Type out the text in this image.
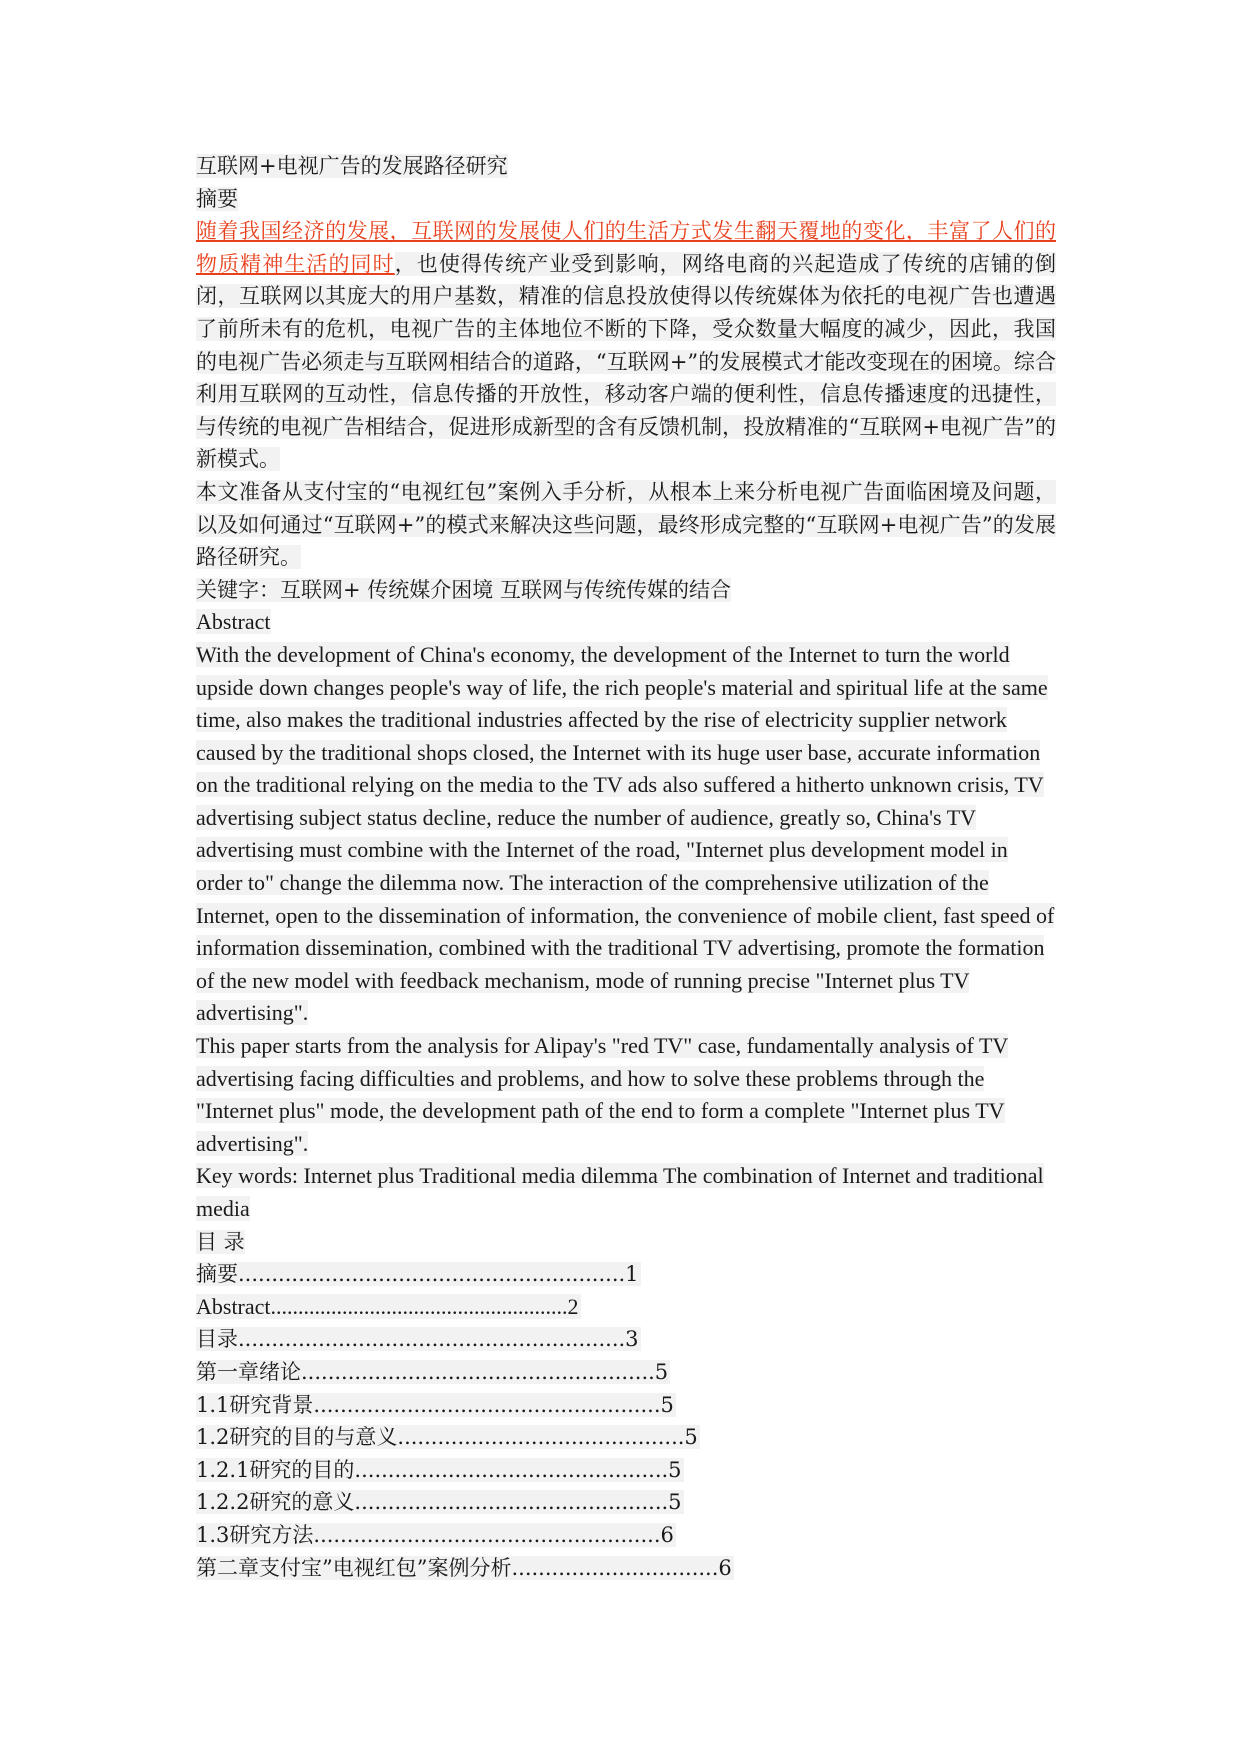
互联网+电视广告的发展路径研究
摘要
随着我国经济的发展，互联网的发展使人们的生活方式发生翻天覆地的变化，丰富了人们的物质精神生活的同时，也使得传统产业受到影响，网络电商的兴起造成了传统的店铺的倒闭，互联网以其庞大的用户基数，精准的信息投放使得以传统媒体为依托的电视广告也遭遇了前所未有的危机，电视广告的主体地位不断的下降，受众数量大幅度的减少，因此，我国的电视广告必须走与互联网相结合的道路，“互联网+”的发展模式才能改变现在的困境。综合利用互联网的互动性，信息传播的开放性，移动客户端的便利性，信息传播速度的迅捷性，与传统的电视广告相结合，促进形成新型的含有反馈机制，投放精准的“互联网+电视广告”的新模式。
本文准备从支付宝的“电视红包”案例入手分析，从根本上来分析电视广告面临困境及问题，以及如何通过“互联网+”的模式来解决这些问题，最终形成完整的“互联网+电视广告”的发展路径研究。
关键字：互联网+ 传统媒介困境 互联网与传统传媒的结合
Abstract
With the development of China's economy, the development of the Internet to turn the world upside down changes people's way of life, the rich people's material and spiritual life at the same time, also makes the traditional industries affected by the rise of electricity supplier network caused by the traditional shops closed, the Internet with its huge user base, accurate information on the traditional relying on the media to the TV ads also suffered a hitherto unknown crisis, TV advertising subject status decline, reduce the number of audience, greatly so, China's TV advertising must combine with the Internet of the road, "Internet plus development model in order to" change the dilemma now. The interaction of the comprehensive utilization of the Internet, open to the dissemination of information, the convenience of mobile client, fast speed of information dissemination, combined with the traditional TV advertising, promote the formation of the new model with feedback mechanism, mode of running precise "Internet plus TV advertising".
This paper starts from the analysis for Alipay's "red TV" case, fundamentally analysis of TV advertising facing difficulties and problems, and how to solve these problems through the "Internet plus" mode, the development path of the end to form a complete "Internet plus TV advertising".
Key words: Internet plus Traditional media dilemma The combination of Internet and traditional media
目 录
摘要..........................................................1
Abstract......................................................2
目录..........................................................3
第一章绪论.....................................................5
1.1研究背景....................................................5
1.2研究的目的与意义...........................................5
1.2.1研究的目的...............................................5
1.2.2研究的意义...............................................5
1.3研究方法....................................................6
第二章支付宝”电视红包”案例分析...............................6
